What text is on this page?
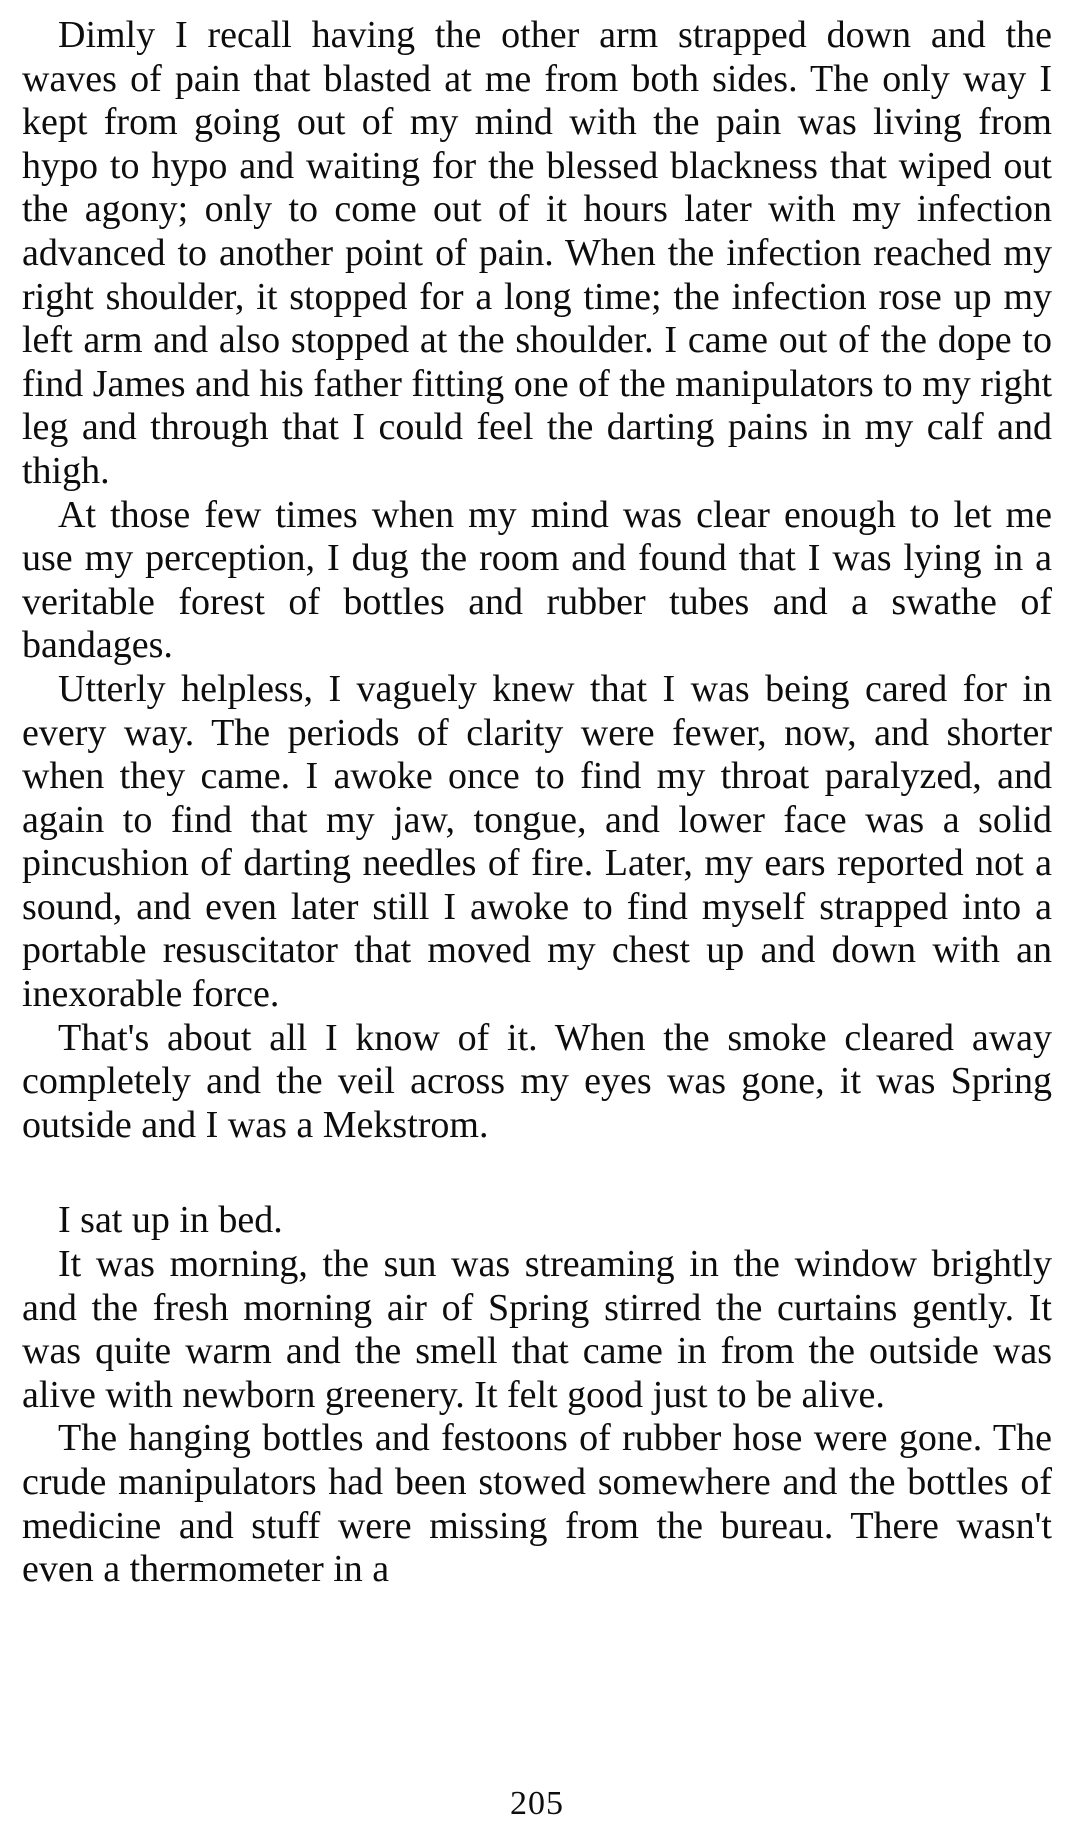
Dimly I recall having the other arm strapped down and the waves of pain that blasted at me from both sides. The only way I kept from going out of my mind with the pain was living from hypo to hypo and waiting for the blessed blackness that wiped out the agony; only to come out of it hours later with my infection advanced to another point of pain. When the infection reached my right shoulder, it stopped for a long time; the infection rose up my left arm and also stopped at the shoulder. I came out of the dope to find James and his father fitting one of the manipulators to my right leg and through that I could feel the darting pains in my calf and thigh.

At those few times when my mind was clear enough to let me use my perception, I dug the room and found that I was lying in a veritable forest of bottles and rubber tubes and a swathe of bandages.

Utterly helpless, I vaguely knew that I was being cared for in every way. The periods of clarity were fewer, now, and shorter when they came. I awoke once to find my throat paralyzed, and again to find that my jaw, tongue, and lower face was a solid pincushion of darting needles of fire. Later, my ears reported not a sound, and even later still I awoke to find myself strapped into a portable resuscitator that moved my chest up and down with an inexorable force.

That's about all I know of it. When the smoke cleared away completely and the veil across my eyes was gone, it was Spring outside and I was a Mekstrom.

I sat up in bed.

It was morning, the sun was streaming in the window brightly and the fresh morning air of Spring stirred the curtains gently. It was quite warm and the smell that came in from the outside was alive with newborn greenery. It felt good just to be alive.

The hanging bottles and festoons of rubber hose were gone. The crude manipulators had been stowed somewhere and the bottles of medicine and stuff were missing from the bureau. There wasn't even a thermometer in a

205
